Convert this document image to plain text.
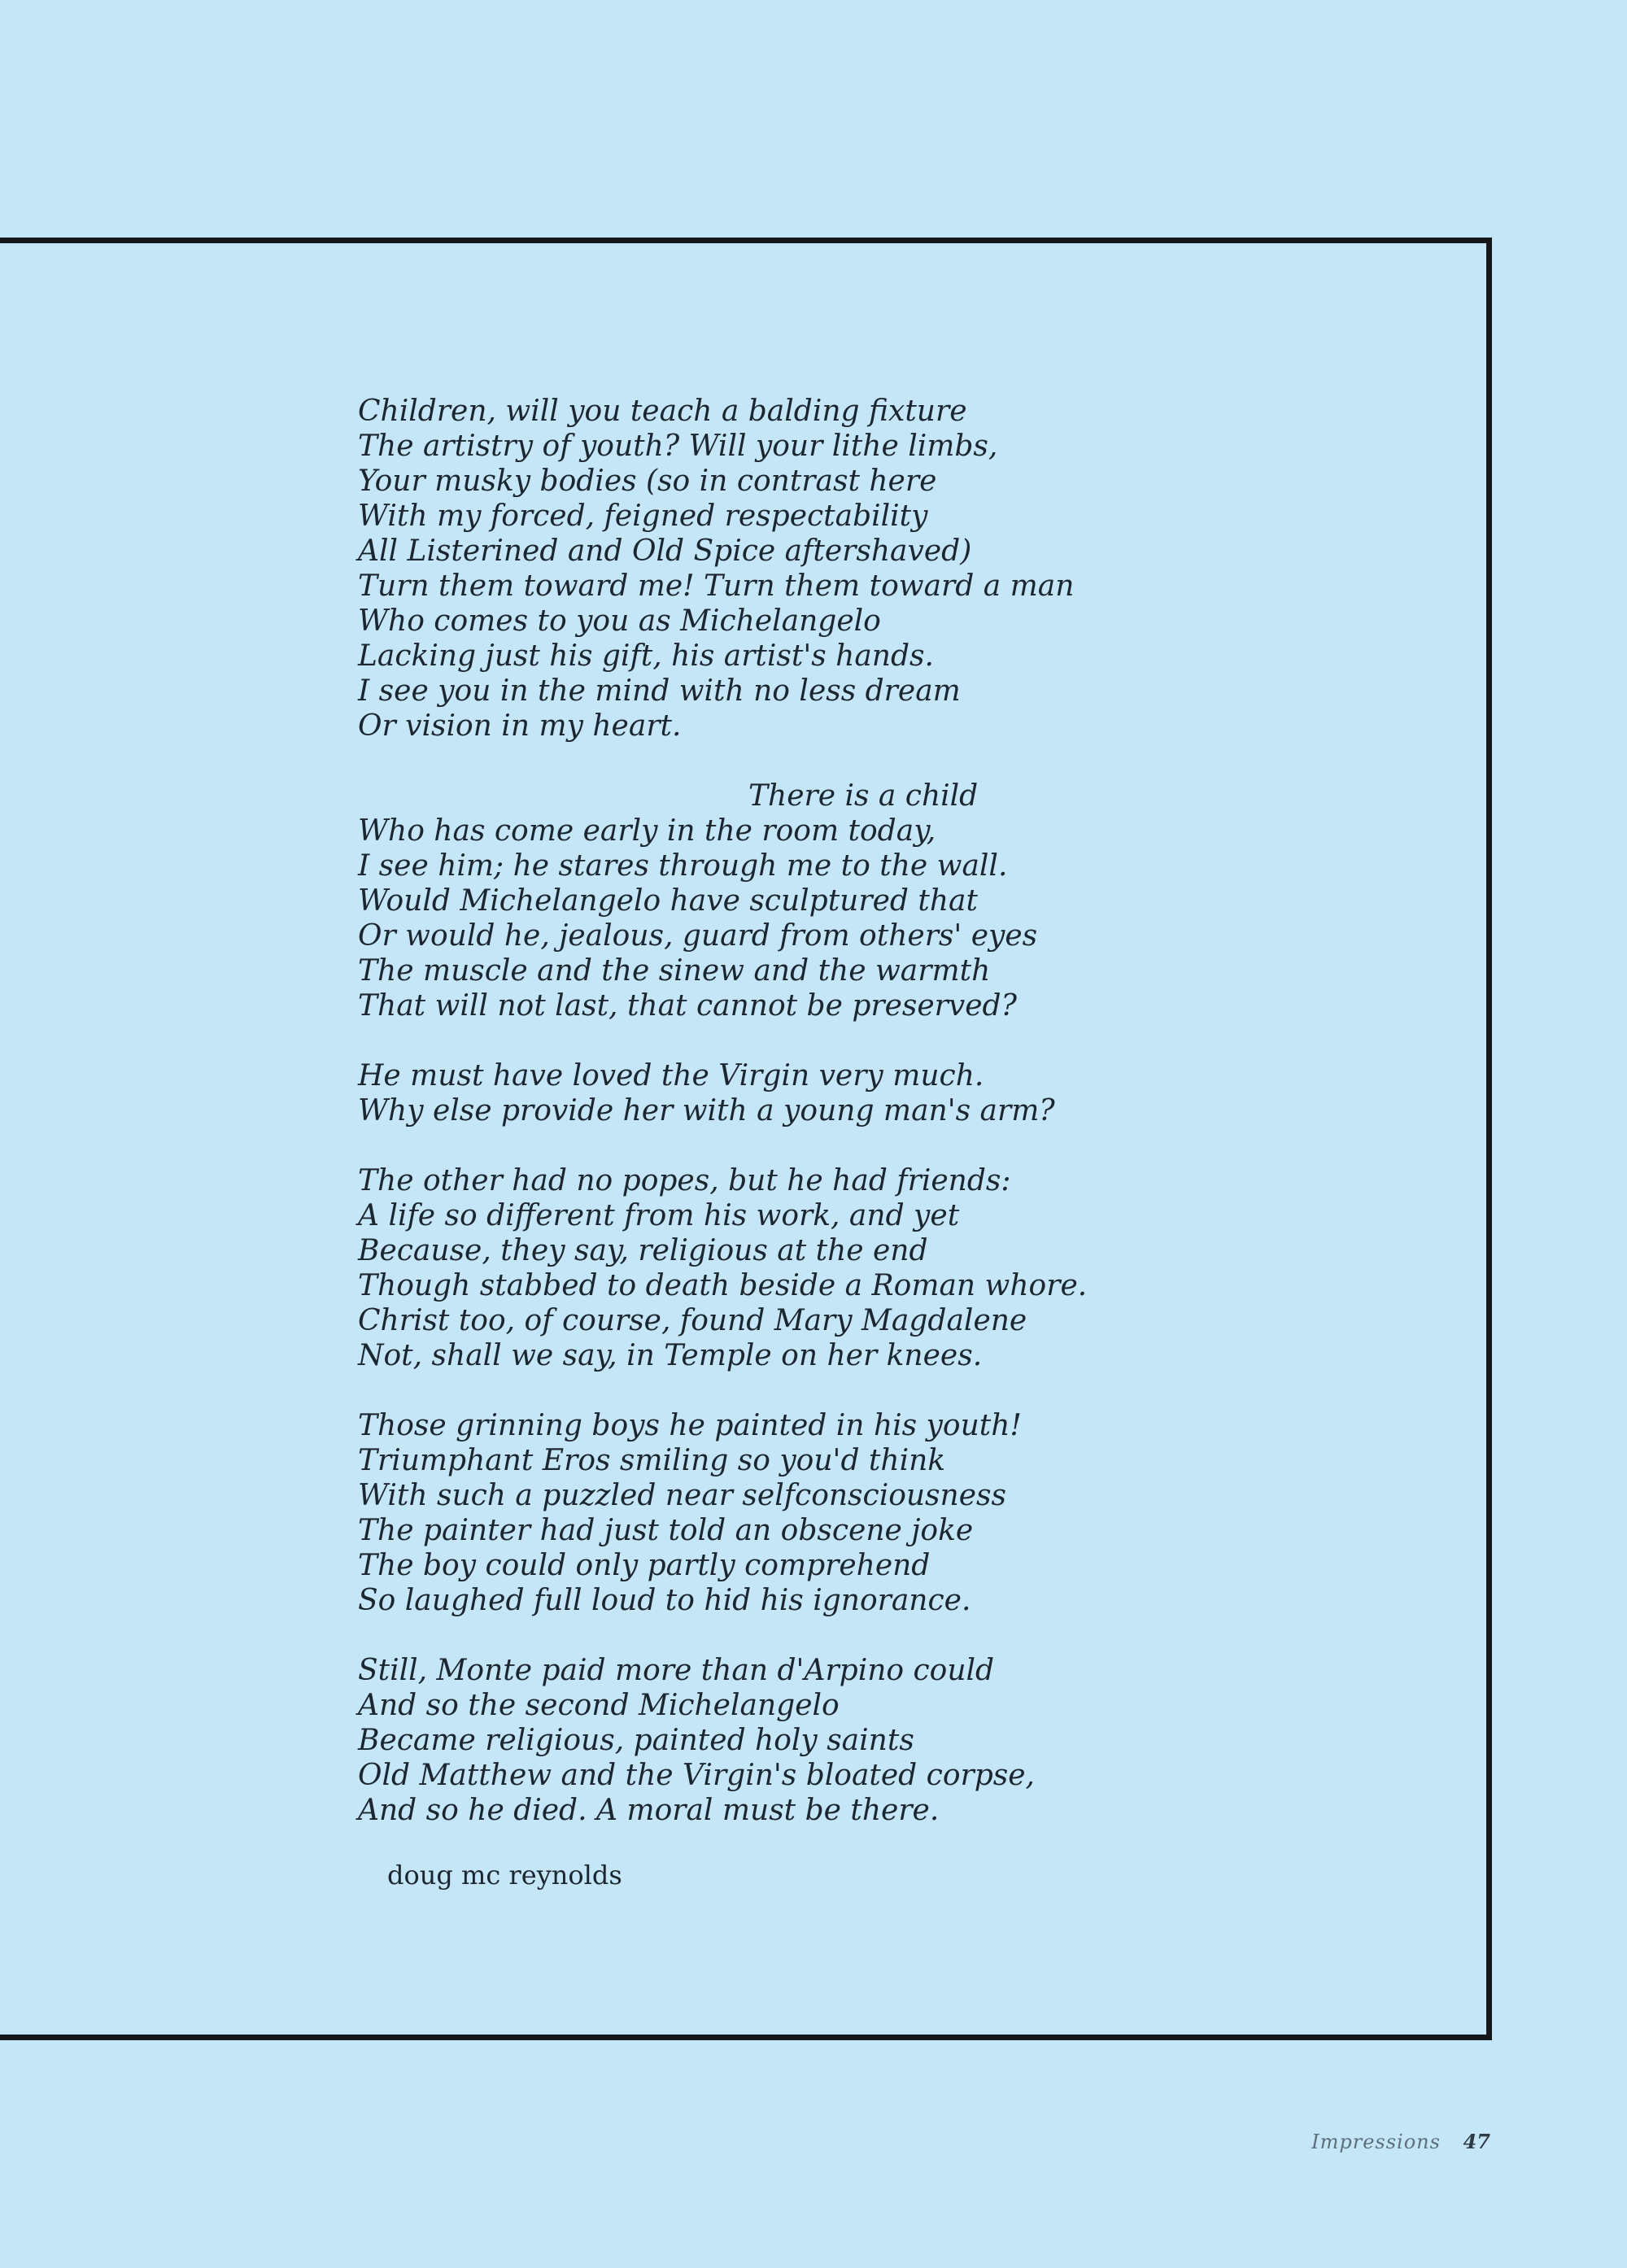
Children, will you teach a balding fixture
The artistry of youth? Will your lithe limbs,
Your musky bodies (so in contrast here
With my forced, feigned respectability
All Listerined and Old Spice aftershaved)
Turn them toward me! Turn them toward a man
Who comes to you as Michelangelo
Lacking just his gift, his artist's hands.
I see you in the mind with no less dream
Or vision in my heart.
There is a child
Who has come early in the room today,
I see him; he stares through me to the wall.
Would Michelangelo have sculptured that
Or would he, jealous, guard from others' eyes
The muscle and the sinew and the warmth
That will not last, that cannot be preserved?
He must have loved the Virgin very much.
Why else provide her with a young man's arm?
The other had no popes, but he had friends:
A life so different from his work, and yet
Because, they say, religious at the end
Though stabbed to death beside a Roman whore.
Christ too, of course, found Mary Magdalene
Not, shall we say, in Temple on her knees.
Those grinning boys he painted in his youth!
Triumphant Eros smiling so you'd think
With such a puzzled near selfconsciousness
The painter had just told an obscene joke
The boy could only partly comprehend
So laughed full loud to hid his ignorance.
Still, Monte paid more than d'Arpino could
And so the second Michelangelo
Became religious, painted holy saints
Old Matthew and the Virgin's bloated corpse,
And so he died. A moral must be there.
doug mc reynolds
Impressions 47
